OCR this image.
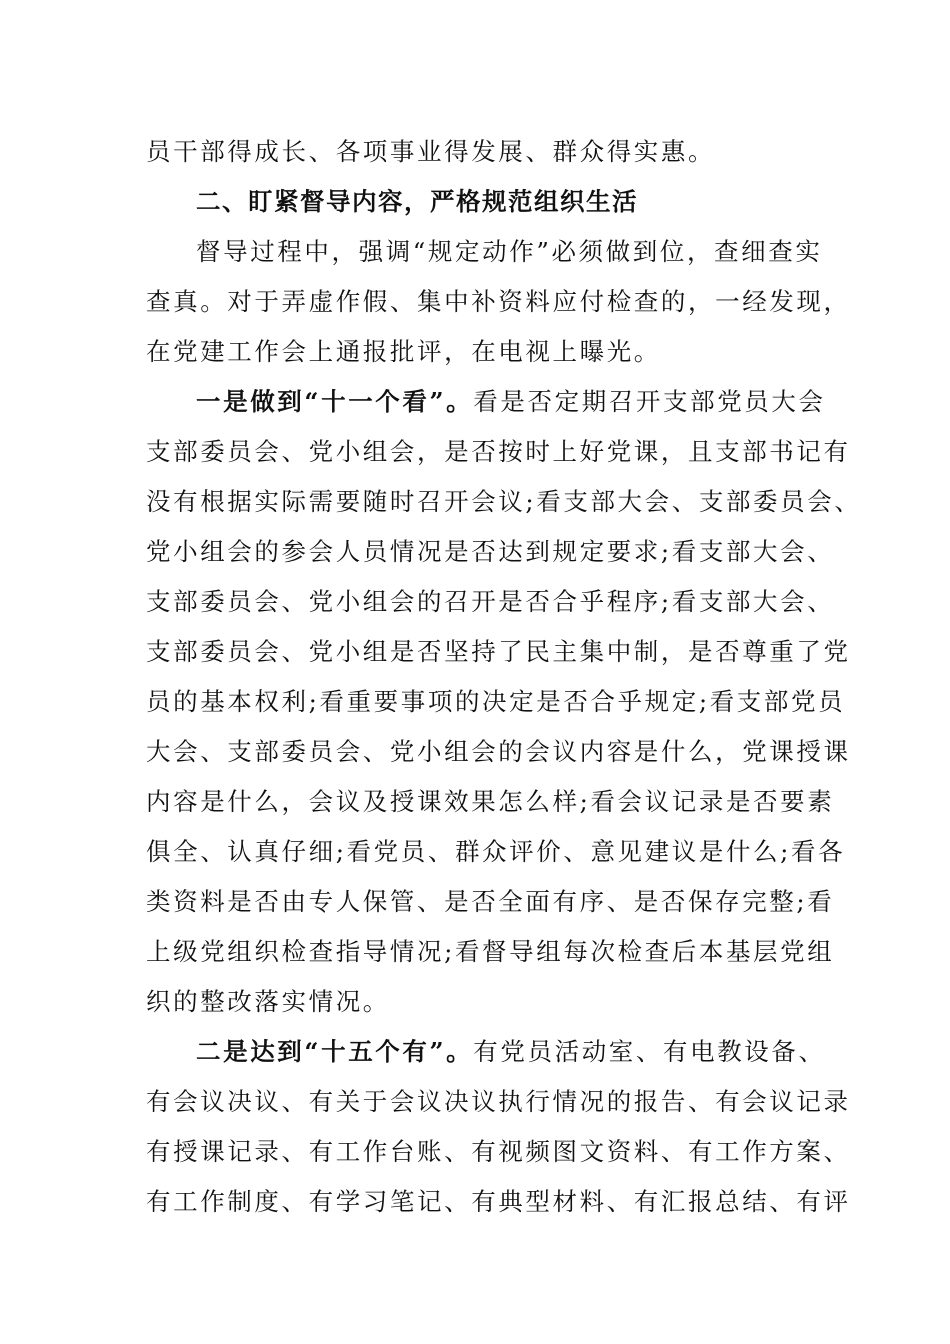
员干部得成长、各项事业得发展、群众得实惠。
二、盯紧督导内容，严格规范组织生活
督导过程中，强调“规定动作”必须做到位，查细查实
查真。对于弄虚作假、集中补资料应付检查的，一经发现，
在党建工作会上通报批评，在电视上曝光。
一是做到“十一个看”。看是否定期召开支部党员大会
支部委员会、党小组会，是否按时上好党课，且支部书记有
没有根据实际需要随时召开会议;看支部大会、支部委员会、
党小组会的参会人员情况是否达到规定要求;看支部大会、
支部委员会、党小组会的召开是否合乎程序;看支部大会、
支部委员会、党小组是否坚持了民主集中制，是否尊重了党
员的基本权利;看重要事项的决定是否合乎规定;看支部党员
大会、支部委员会、党小组会的会议内容是什么，党课授课
内容是什么，会议及授课效果怎么样;看会议记录是否要素
俱全、认真仔细;看党员、群众评价、意见建议是什么;看各
类资料是否由专人保管、是否全面有序、是否保存完整;看
上级党组织检查指导情况;看督导组每次检查后本基层党组
织的整改落实情况。
二是达到“十五个有”。有党员活动室、有电教设备、
有会议决议、有关于会议决议执行情况的报告、有会议记录
有授课记录、有工作台账、有视频图文资料、有工作方案、
有工作制度、有学习笔记、有典型材料、有汇报总结、有评
